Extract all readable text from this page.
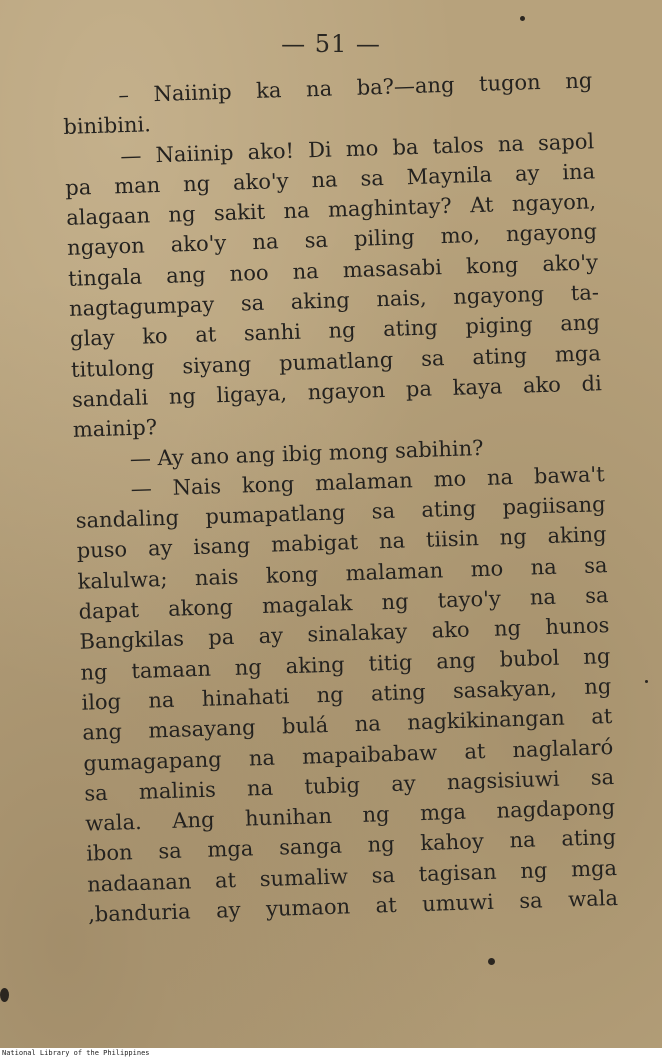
— 51 —
– Naiinip ka na ba?—ang tugon ng
binibini.
— Naiinip ako! Di mo ba talos na sapol
pa man ng ako'y na sa Maynila ay ina
alagaan ng sakit na maghintay? At ngayon,
ngayon ako'y na sa piling mo, ngayong
tingala ang noo na masasabi kong ako'y
nagtagumpay sa aking nais, ngayong ta-
glay ko at sanhi ng ating piging ang
titulong siyang pumatlang sa ating mga
sandali ng ligaya, ngayon pa kaya ako di
mainip?
— Ay ano ang ibig mong sabihin?
— Nais kong malaman mo na bawa't
sandaling pumapatlang sa ating pagiisang
puso ay isang mabigat na tiisin ng aking
kalulwa; nais kong malaman mo na sa
dapat akong magalak ng tayo'y na sa
Bangkilas pa ay sinalakay ako ng hunos
ng tamaan ng aking titig ang bubol ng
ilog na hinahati ng ating sasakyan, ng
ang masayang bulá na nagkikinangan at
gumagapang na mapaibabaw at naglalaró
sa malinis na tubig ay nagsisiuwi sa
wala. Ang hunihan ng mga nagdapong
ibon sa mga sanga ng kahoy na ating
nadaanan at sumaliw sa tagisan ng mga
,banduria ay yumaon at umuwi sa wala
National Library of the Philippines
